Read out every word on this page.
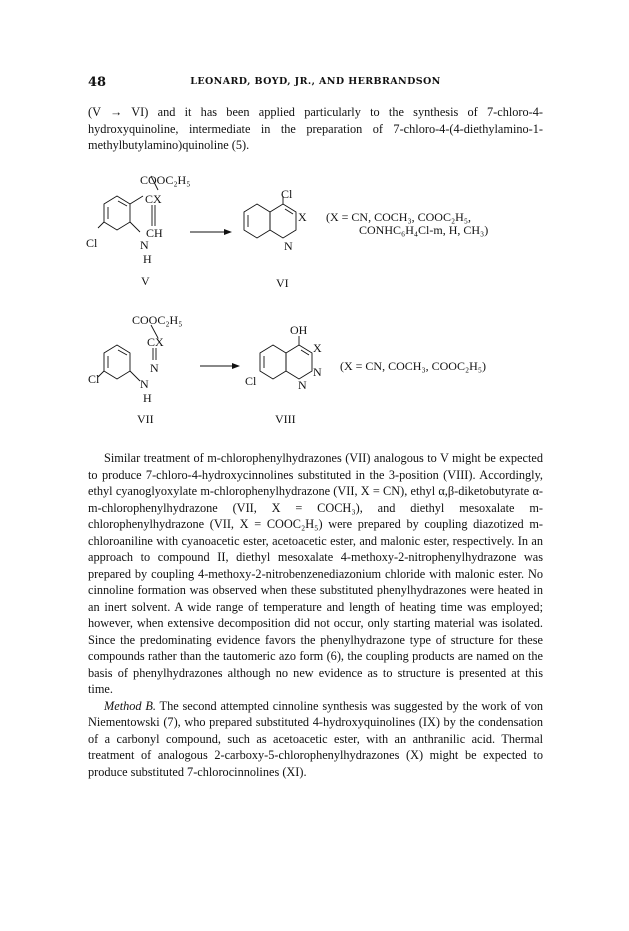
48	LEONARD, BOYD, JR., AND HERBRANDSON
(V → VI) and it has been applied particularly to the synthesis of 7-chloro-4-hydroxyquinoline, intermediate in the preparation of 7-chloro-4-(4-diethylamino-1-methylbutylamino)quinoline (5).
COOC₂H₅
CX
CH
Cl	N
H
V
Cl
X
N
VI
(X = CN, COCH₃, COOC₂H₅,
CONHC₆H₄Cl-m, H, CH₃)
COOC₂H₅
CX
N
Cl	N
H
VII
OH
X
N
N
Cl
VIII
(X = CN, COCH₃, COOC₂H₅)

Similar treatment of m-chlorophenylhydrazones (VII) analogous to V might be expected to produce 7-chloro-4-hydroxycinnolines substituted in the 3-position (VIII). Accordingly, ethyl cyanoglyoxylate m-chlorophenylhydrazone (VII, X = CN), ethyl α,β-diketobutyrate α-m-chlorophenylhydrazone (VII, X = COCH₃), and diethyl mesoxalate m-chlorophenylhydrazone (VII, X = COOC₂H₅) were prepared by coupling diazotized m-chloroaniline with cyanoacetic ester, acetoacetic ester, and malonic ester, respectively. In an approach to compound II, diethyl mesoxalate 4-methoxy-2-nitrophenylhydrazone was prepared by coupling 4-methoxy-2-nitrobenzenediazonium chloride with malonic ester. No cinnoline formation was observed when these substituted phenylhydrazones were heated in an inert solvent. A wide range of temperature and length of heating time was employed; however, when extensive decomposition did not occur, only starting material was isolated. Since the predominating evidence favors the phenylhydrazone type of structure for these compounds rather than the tautomeric azo form (6), the coupling products are named on the basis of phenylhydrazones although no new evidence as to structure is presented at this time.

Method B. The second attempted cinnoline synthesis was suggested by the work of von Niementowski (7), who prepared substituted 4-hydroxyquinolines (IX) by the condensation of a carbonyl compound, such as acetoacetic ester, with an anthranilic acid. Thermal treatment of analogous 2-carboxy-5-chlorophenylhydrazones (X) might be expected to produce substituted 7-chlorocinnolines (XI).
